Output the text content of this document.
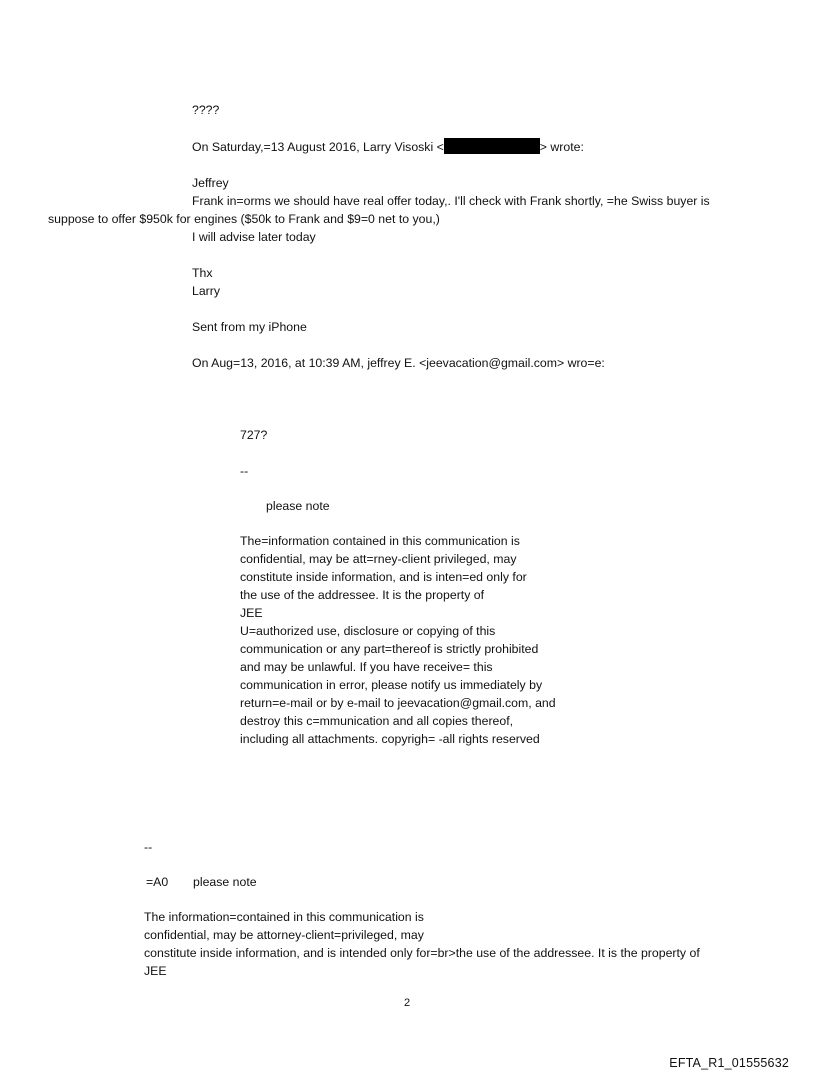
????
On Saturday,=13 August 2016, Larry Visoski <	> wrote:
Jeffrey
Frank in=orms we should have real offer today,. I'll check with Frank shortly, =he Swiss buyer is
suppose to offer $950k for engines ($50k to Frank and $9=0 net to you,)
I will advise later today
Thx
Larry
Sent from my iPhone
On Aug=13, 2016, at 10:39 AM, jeffrey E. <jeevacation@gmail.com> wro=e:
727?
--
please note
The=information contained in this communication is
confidential, may be att=rney-client privileged, may
constitute inside information, and is inten=ed only for
the use of the addressee. It is the property of
JEE
U=authorized use, disclosure or copying of this
communication or any part=thereof is strictly prohibited
and may be unlawful. If you have receive= this
communication in error, please notify us immediately by
return=e-mail or by e-mail to jeevacation@gmail.com, and
destroy this c=mmunication and all copies thereof,
including all attachments. copyrigh= -all rights reserved
--
=A0 please note
The information=contained in this communication is
confidential, may be attorney-client=privileged, may
constitute inside information, and is intended only for=br>the use of the addressee. It is the property of
JEE
2
EFTA_R1_01555632
